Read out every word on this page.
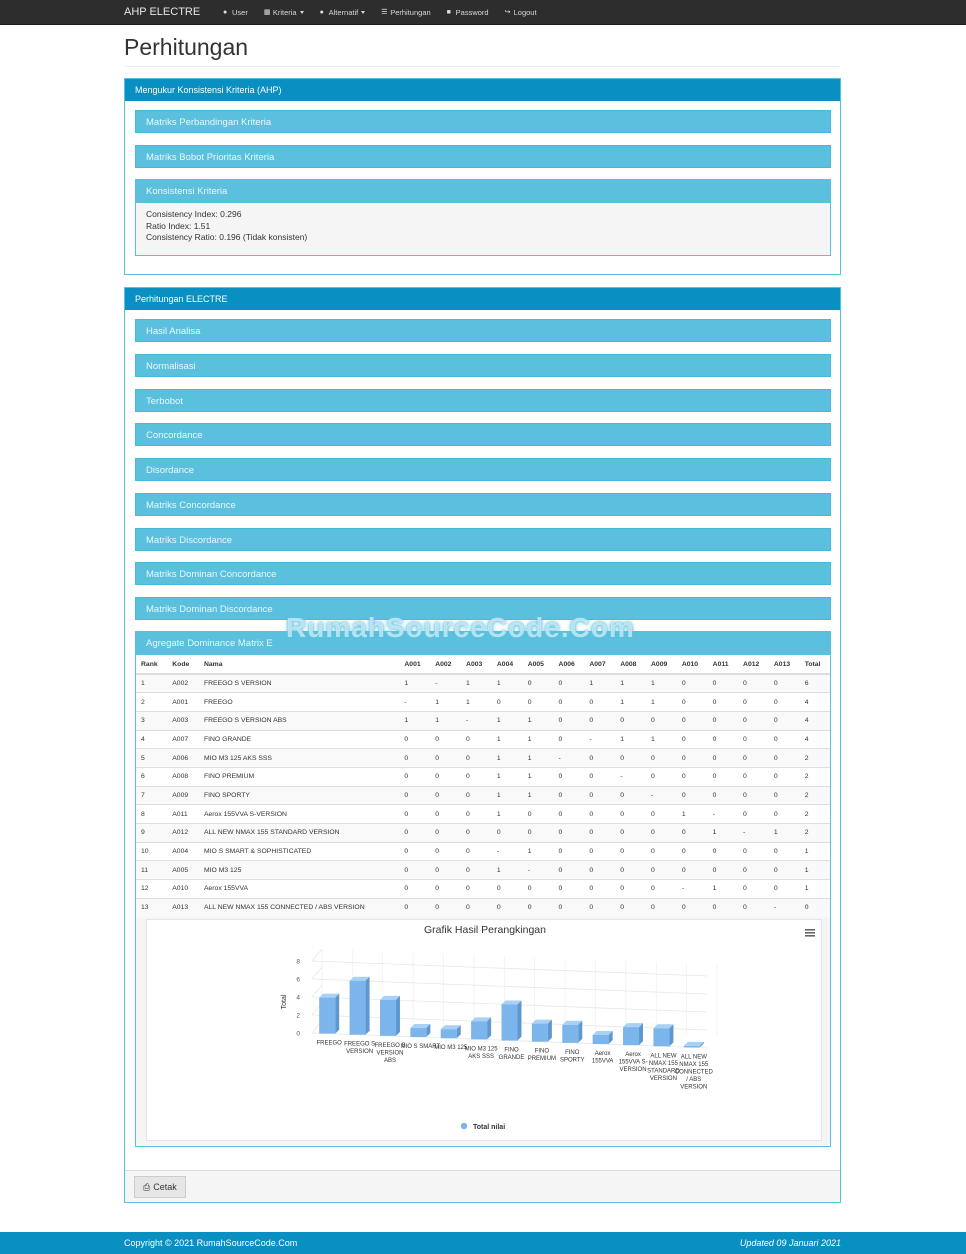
AHP ELECTRE	● User ▦ Kriteria	● Alternatif	☰ Perhitungan ■ Password ↪ Logout
Perhitungan
Mengukur Konsistensi Kriteria (AHP)
Matriks Perbandingan Kriteria
Matriks Bobot Prioritas Kriteria
Konsistensi Kriteria
Consistency Index: 0.296
Ratio Index: 1.51
Consistency Ratio: 0.196 (Tidak konsisten)
Perhitungan ELECTRE
Hasil Analisa
Normalisasi
Terbobot
Concordance
Disordance
Matriks Concordance
Matriks Discordance
Matriks Dominan Concordance
Matriks Dominan Discordance
Agregate Dominance Matrix E
Rank	Kode	Nama	A001	A002	A003	A004	A005	A006	A007	A008	A009	A010	A011	A012	A013	Total
1	A002	FREEGO S VERSION	1	-	1	1	0	0	1	1	1	0	0	0	0	6
2	A001	FREEGO	-	1	1	0	0	0	0	1	1	0	0	0	0	4
3	A003	FREEGO S VERSION ABS	1	1	-	1	1	0	0	0	0	0	0	0	0	4
4	A007	FINO GRANDE	0	0	0	1	1	0	-	1	1	0	0	0	0	4
5	A006	MIO M3 125 AKS SSS	0	0	0	1	1	-	0	0	0	0	0	0	0	2
6	A008	FINO PREMIUM	0	0	0	1	1	0	0	-	0	0	0	0	0	2
7	A009	FINO SPORTY	0	0	0	1	1	0	0	0	-	0	0	0	0	2
8	A011	Aerox 155VVA S-VERSION	0	0	0	1	0	0	0	0	0	1	-	0	0	2
9	A012	ALL NEW NMAX 155 STANDARD VERSION	0	0	0	0	0	0	0	0	0	0	1	-	1	2
10	A004	MIO S SMART & SOPHISTICATED	0	0	0	-	1	0	0	0	0	0	0	0	0	1
11	A005	MIO M3 125	0	0	0	1	-	0	0	0	0	0	0	0	0	1
12	A010	Aerox 155VVA	0	0	0	0	0	0	0	0	0	-	1	0	0	1
13	A013	ALL NEW NMAX 155 CONNECTED / ABS VERSION	0	0	0	0	0	0	0	0	0	0	0	0	-	0
Grafik Hasil Perangkingan
0
2
4
6
8
FREEGO FREEGO S VERSION
FREEGO S VERSION ABS
MIO S SMART
MIO M3 125
MIO M3 125 AKS SSS
FINO GRANDE
FINO PREMIUM
FINO SPORTY
Aerox 155VVA
Aerox 155VVA S-VERSION
ALL NEW NMAX 155 STANDARD VERSION
ALL NEW NMAX 155 CONNECTED / ABS VERSION
Total
Total nilai
⎙ Cetak
RumahSourceCode.Com
Copyright © 2021 RumahSourceCode.Com	Updated 09 Januari 2021
